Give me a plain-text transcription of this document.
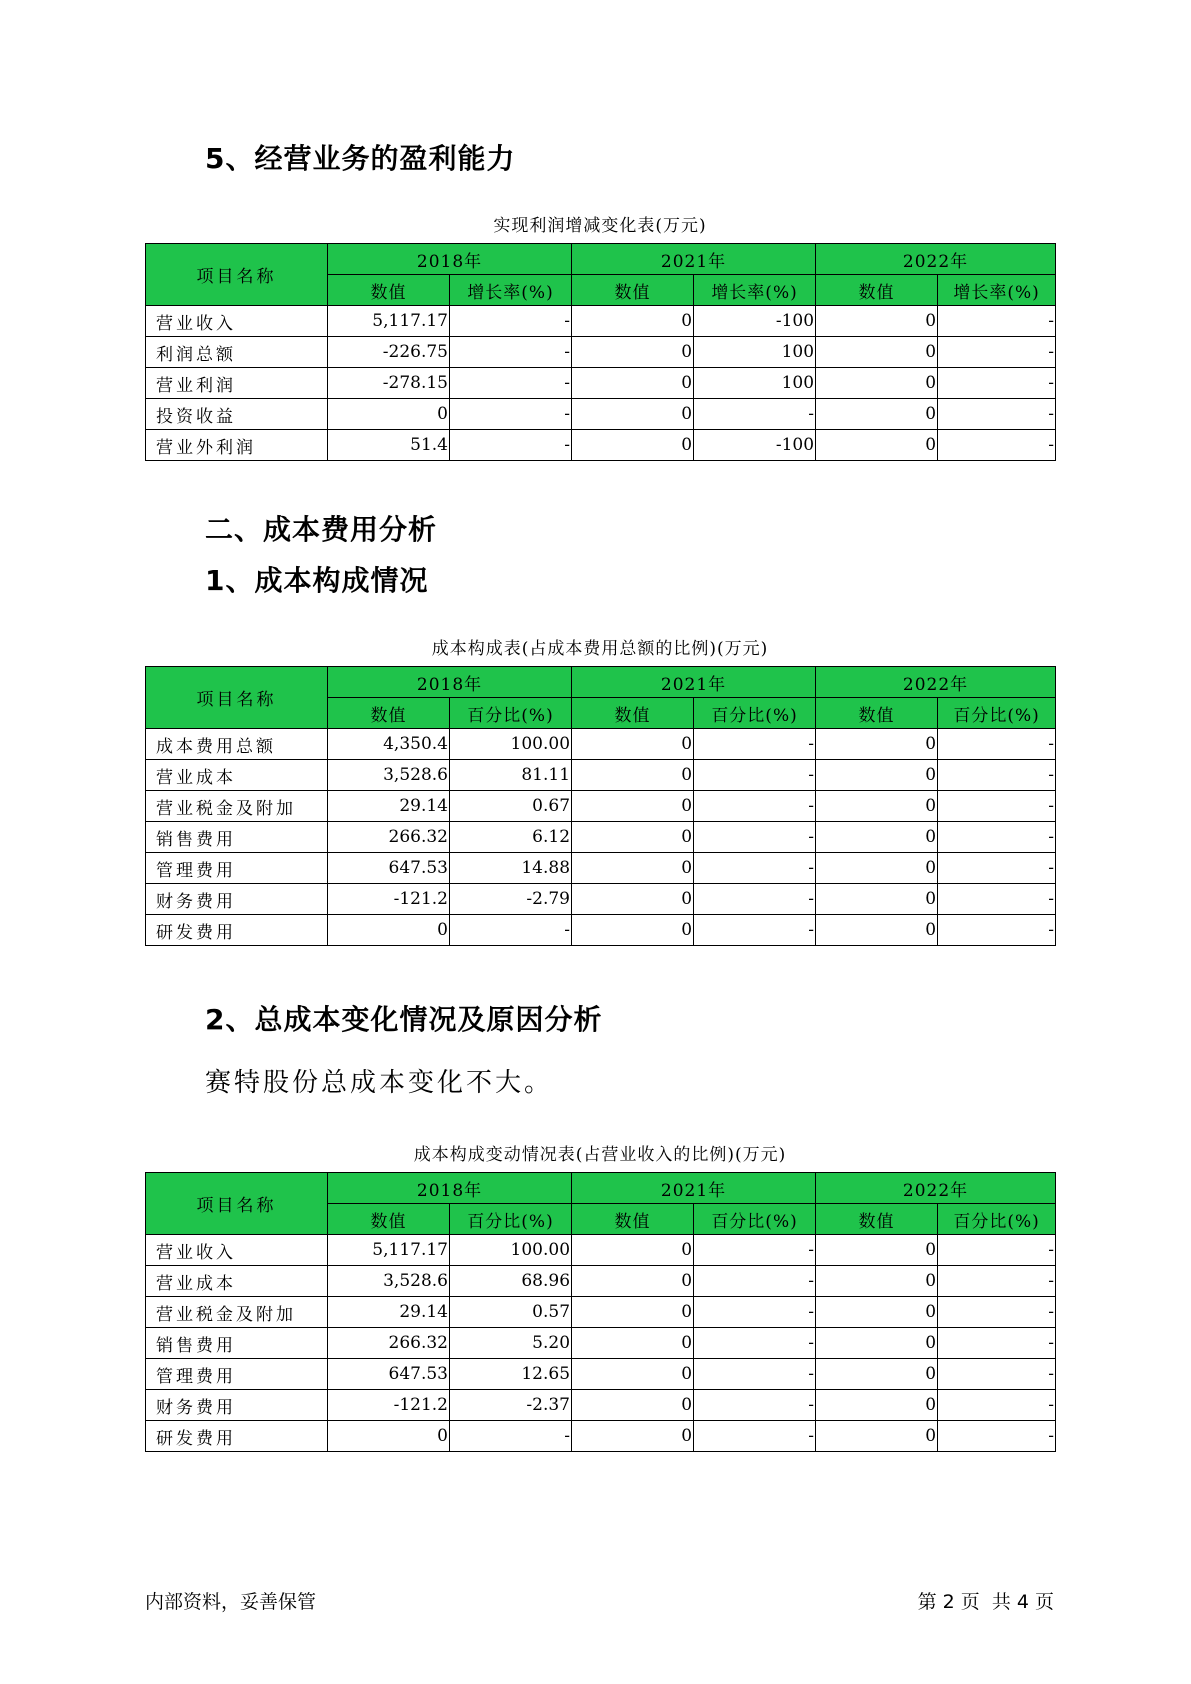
5、经营业务的盈利能力

实现利润增减变化表(万元)

项目名称	2018年		2021年		2022年	
	数值	增长率(%)	数值	增长率(%)	数值	增长率(%)
营业收入	5,117.17	-	0	-100	0	-
利润总额	-226.75	-	0	100	0	-
营业利润	-278.15	-	0	100	0	-
投资收益	0	-	0	-	0	-
营业外利润	51.4	-	0	-100	0	-
二、成本费用分析
1、成本构成情况

成本构成表(占成本费用总额的比例)(万元)

项目名称	2018年		2021年		2022年	
	数值	百分比(%)	数值	百分比(%)	数值	百分比(%)
成本费用总额	4,350.4	100.00	0	-	0	-
营业成本	3,528.6	81.11	0	-	0	-
营业税金及附加	29.14	0.67	0	-	0	-
销售费用	266.32	6.12	0	-	0	-
管理费用	647.53	14.88	0	-	0	-
财务费用	-121.2	-2.79	0	-	0	-
研发费用	0	-	0	-	0	-
2、总成本变化情况及原因分析

赛特股份总成本变化不大。

成本构成变动情况表(占营业收入的比例)(万元)

项目名称	2018年		2021年		2022年	
	数值	百分比(%)	数值	百分比(%)	数值	百分比(%)
营业收入	5,117.17	100.00	0	-	0	-
营业成本	3,528.6	68.96	0	-	0	-
营业税金及附加	29.14	0.57	0	-	0	-
销售费用	266.32	5.20	0	-	0	-
管理费用	647.53	12.65	0	-	0	-
财务费用	-121.2	-2.37	0	-	0	-
研发费用	0	-	0	-	0	-

内部资料，妥善保管	第 2 页  共 4 页
